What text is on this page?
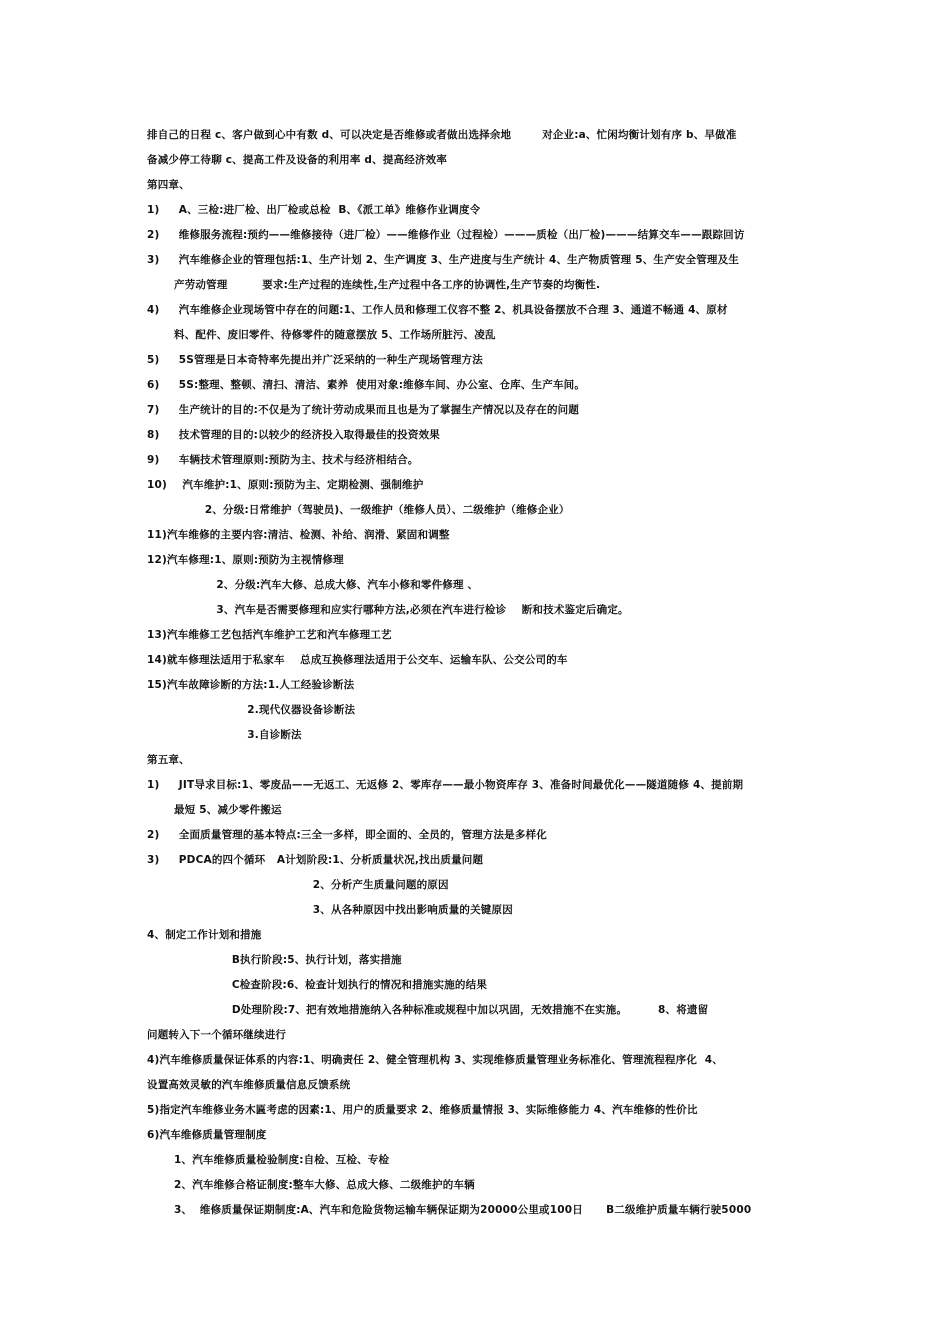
排自己的日程 c、客户做到心中有数 d、可以决定是否维修或者做出选择余地        对企业:a、忙闲均衡计划有序 b、早做准
备减少停工待聊 c、提高工件及设备的利用率 d、提高经济效率
第四章、
1)     A、三检:进厂检、出厂检或总检  B、《派工单》维修作业调度令
2)     维修服务流程:预约——维修接待（进厂检）——维修作业（过程检）———质检（出厂检)———结算交车——跟踪回访
3)     汽车维修企业的管理包括:1、生产计划 2、生产调度 3、生产进度与生产统计 4、生产物质管理 5、生产安全管理及生
产劳动管理         要求:生产过程的连续性,生产过程中各工序的协调性,生产节奏的均衡性.
4)     汽车维修企业现场管中存在的问题:1、工作人员和修理工仪容不整 2、机具设备摆放不合理 3、通道不畅通 4、原材
料、配件、废旧零件、待修零件的随意摆放 5、工作场所脏污、凌乱
5)     5S管理是日本奇特率先提出并广泛采纳的一种生产现场管理方法
6)     5S:整理、整顿、清扫、清洁、素养  使用对象:维修车间、办公室、仓库、生产车间。
7)     生产统计的目的:不仅是为了统计劳动成果而且也是为了掌握生产情况以及存在的问题
8)     技术管理的目的:以较少的经济投入取得最佳的投资效果
9)     车辆技术管理原则:预防为主、技术与经济相结合。
10)    汽车维护:1、原则:预防为主、定期检测、强制维护
2、分级:日常维护（驾驶员)、一级维护（维修人员）、二级维护（维修企业）
11)汽车维修的主要内容:清洁、检测、补给、润滑、紧固和调整
12)汽车修理:1、原则:预防为主视情修理
2、分级:汽车大修、总成大修、汽车小修和零件修理 、
3、汽车是否需要修理和应实行哪种方法,必须在汽车进行检诊    断和技术鉴定后确定。
13)汽车维修工艺包括汽车维护工艺和汽车修理工艺
14)就车修理法适用于私家车    总成互换修理法适用于公交车、运输车队、公交公司的车
15)汽车故障诊断的方法:1.人工经验诊断法
2.现代仪器设备诊断法
3.自诊断法
第五章、
1)     JIT导求目标:1、零废品——无返工、无返修 2、零库存——最小物资库存 3、准备时间最优化——隧道随修 4、提前期
最短 5、减少零件搬运
2)     全面质量管理的基本特点:三全一多样，即全面的、全员的，管理方法是多样化
3)     PDCA的四个循环   A计划阶段:1、分析质量状况,找出质量问题
2、分析产生质量问题的原因
3、从各种原因中找出影响质量的关键原因
4、制定工作计划和措施
B执行阶段:5、执行计划，落实措施
C检查阶段:6、检查计划执行的情况和措施实施的结果
D处理阶段:7、把有效地措施纳入各种标准或规程中加以巩固，无效措施不在实施。        8、将遗留
问题转入下一个循环继续进行
4)汽车维修质量保证体系的内容:1、明确责任 2、健全管理机构 3、实现维修质量管理业务标准化、管理流程程序化  4、
设置高效灵敏的汽车维修质量信息反馈系统
5)指定汽车维修业务木匾考虑的因素:1、用户的质量要求 2、维修质量情报 3、实际维修能力 4、汽车维修的性价比
6)汽车维修质量管理制度
1、汽车维修质量检验制度:自检、互检、专检
2、汽车维修合格证制度:整车大修、总成大修、二级维护的车辆
3、  维修质量保证期制度:A、汽车和危险货物运输车辆保证期为20000公里或100日      B二级维护质量车辆行驶5000
